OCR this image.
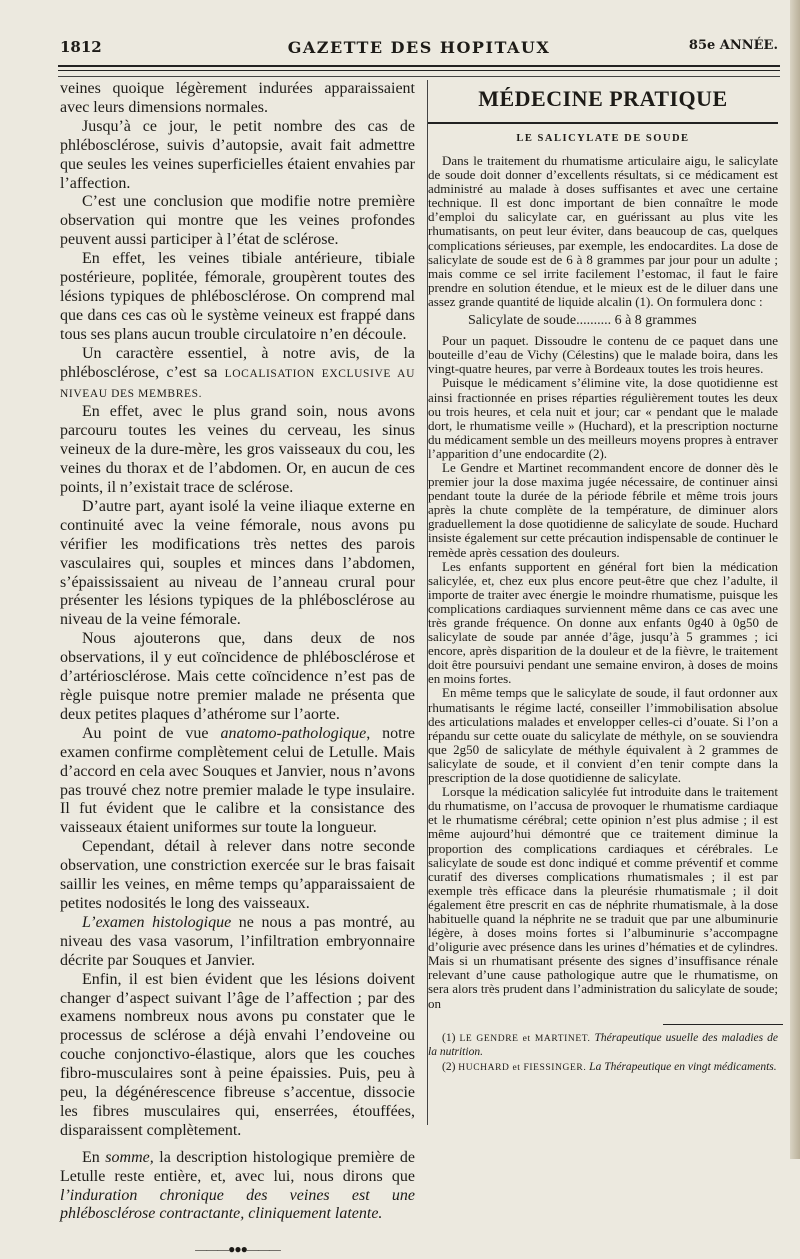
1812	GAZETTE DES HOPITAUX	85e ANNÉE.

veines quoique légèrement indurées apparaissaient avec leurs dimensions normales.

Jusqu’à ce jour, le petit nombre des cas de phlébosclérose, suivis d’autopsie, avait fait admettre que seules les veines superficielles étaient envahies par l’affection.

C’est une conclusion que modifie notre première observation qui montre que les veines profondes peuvent aussi participer à l’état de sclérose.

En effet, les veines tibiale antérieure, tibiale postérieure, poplitée, fémorale, groupèrent toutes des lésions typiques de phlébosclérose. On comprend mal que dans ces cas où le système veineux est frappé dans tous ses plans aucun trouble circulatoire n’en découle.

Un caractère essentiel, à notre avis, de la phlébosclérose, c’est sa LOCALISATION EXCLUSIVE AU NIVEAU DES MEMBRES.

En effet, avec le plus grand soin, nous avons parcouru toutes les veines du cerveau, les sinus veineux de la dure-mère, les gros vaisseaux du cou, les veines du thorax et de l’abdomen. Or, en aucun de ces points, il n’existait trace de sclérose.

D’autre part, ayant isolé la veine iliaque externe en continuité avec la veine fémorale, nous avons pu vérifier les modifications très nettes des parois vasculaires qui, souples et minces dans l’abdomen, s’épaississaient au niveau de l’anneau crural pour présenter les lésions typiques de la phlébosclérose au niveau de la veine fémorale.

Nous ajouterons que, dans deux de nos observations, il y eut coïncidence de phlébosclérose et d’artériosclérose. Mais cette coïncidence n’est pas de règle puisque notre premier malade ne présenta que deux petites plaques d’athérome sur l’aorte.

Au point de vue anatomo-pathologique, notre examen confirme complètement celui de Letulle. Mais d’accord en cela avec Souques et Janvier, nous n’avons pas trouvé chez notre premier malade le type insulaire. Il fut évident que le calibre et la consistance des vaisseaux étaient uniformes sur toute la longueur.

Cependant, détail à relever dans notre seconde observation, une constriction exercée sur le bras faisait saillir les veines, en même temps qu’apparaissaient de petites nodosités le long des vaisseaux.

L’examen histologique ne nous a pas montré, au niveau des vasa vasorum, l’infiltration embryonnaire décrite par Souques et Janvier.

Enfin, il est bien évident que les lésions doivent changer d’aspect suivant l’âge de l’affection ; par des examens nombreux nous avons pu constater que le processus de sclérose a déjà envahi l’endoveine ou couche conjonctivo-élastique, alors que les couches fibro-musculaires sont à peine épaissies. Puis, peu à peu, la dégénérescence fibreuse s’accentue, dissocie les fibres musculaires qui, enserrées, étouffées, disparaissent complètement.

En somme, la description histologique première de Letulle reste entière, et, avec lui, nous dirons que l’induration chronique des veines est une phlébosclérose contractante, cliniquement latente.

———●●●———
MÉDECINE PRATIQUE
LE SALICYLATE DE SOUDE

Dans le traitement du rhumatisme articulaire aigu, le salicylate de soude doit donner d’excellents résultats, si ce médicament est administré au malade à doses suffisantes et avec une certaine technique. Il est donc important de bien connaître le mode d’emploi du salicylate car, en guérissant au plus vite les rhumatisants, on peut leur éviter, dans beaucoup de cas, quelques complications sérieuses, par exemple, les endocardites. La dose de salicylate de soude est de 6 à 8 grammes par jour pour un adulte ; mais comme ce sel irrite facilement l’estomac, il faut le faire prendre en solution étendue, et le mieux est de le diluer dans une assez grande quantité de liquide alcalin (1). On formulera donc :

Salicylate de soude.......... 6 à 8 grammes

Pour un paquet. Dissoudre le contenu de ce paquet dans une bouteille d’eau de Vichy (Célestins) que le malade boira, dans les vingt-quatre heures, par verre à Bordeaux toutes les trois heures.

Puisque le médicament s’élimine vite, la dose quotidienne est ainsi fractionnée en prises réparties régulièrement toutes les deux ou trois heures, et cela nuit et jour; car « pendant que le malade dort, le rhumatisme veille » (Huchard), et la prescription nocturne du médicament semble un des meilleurs moyens propres à entraver l’apparition d’une endocardite (2).

Le Gendre et Martinet recommandent encore de donner dès le premier jour la dose maxima jugée nécessaire, de continuer ainsi pendant toute la durée de la période fébrile et même trois jours après la chute complète de la température, de diminuer alors graduellement la dose quotidienne de salicylate de soude. Huchard insiste également sur cette précaution indispensable de continuer le remède après cessation des douleurs.

Les enfants supportent en général fort bien la médication salicylée, et, chez eux plus encore peut-être que chez l’adulte, il importe de traiter avec énergie le moindre rhumatisme, puisque les complications cardiaques surviennent même dans ce cas avec une très grande fréquence. On donne aux enfants 0g40 à 0g50 de salicylate de soude par année d’âge, jusqu’à 5 grammes ; ici encore, après disparition de la douleur et de la fièvre, le traitement doit être poursuivi pendant une semaine environ, à doses de moins en moins fortes.

En même temps que le salicylate de soude, il faut ordonner aux rhumatisants le régime lacté, conseiller l’immobilisation absolue des articulations malades et envelopper celles-ci d’ouate. Si l’on a répandu sur cette ouate du salicylate de méthyle, on se souviendra que 2g50 de salicylate de méthyle équivalent à 2 grammes de salicylate de soude, et il convient d’en tenir compte dans la prescription de la dose quotidienne de salicylate.

Lorsque la médication salicylée fut introduite dans le traitement du rhumatisme, on l’accusa de provoquer le rhumatisme cardiaque et le rhumatisme cérébral; cette opinion n’est plus admise ; il est même aujourd’hui démontré que ce traitement diminue la proportion des complications cardiaques et cérébrales. Le salicylate de soude est donc indiqué et comme préventif et comme curatif des diverses complications rhumatismales ; il est par exemple très efficace dans la pleurésie rhumatismale ; il doit également être prescrit en cas de néphrite rhumatismale, à la dose habituelle quand la néphrite ne se traduit que par une albuminurie légère, à doses moins fortes si l’albuminurie s’accompagne d’oligurie avec présence dans les urines d’hématies et de cylindres. Mais si un rhumatisant présente des signes d’insuffisance rénale relevant d’une cause pathologique autre que le rhumatisme, on sera alors très prudent dans l’administration du salicylate de soude; on

(1) LE GENDRE et MARTINET. Thérapeutique usuelle des maladies de la nutrition.

(2) HUCHARD et FIESSINGER. La Thérapeutique en vingt médicaments.
